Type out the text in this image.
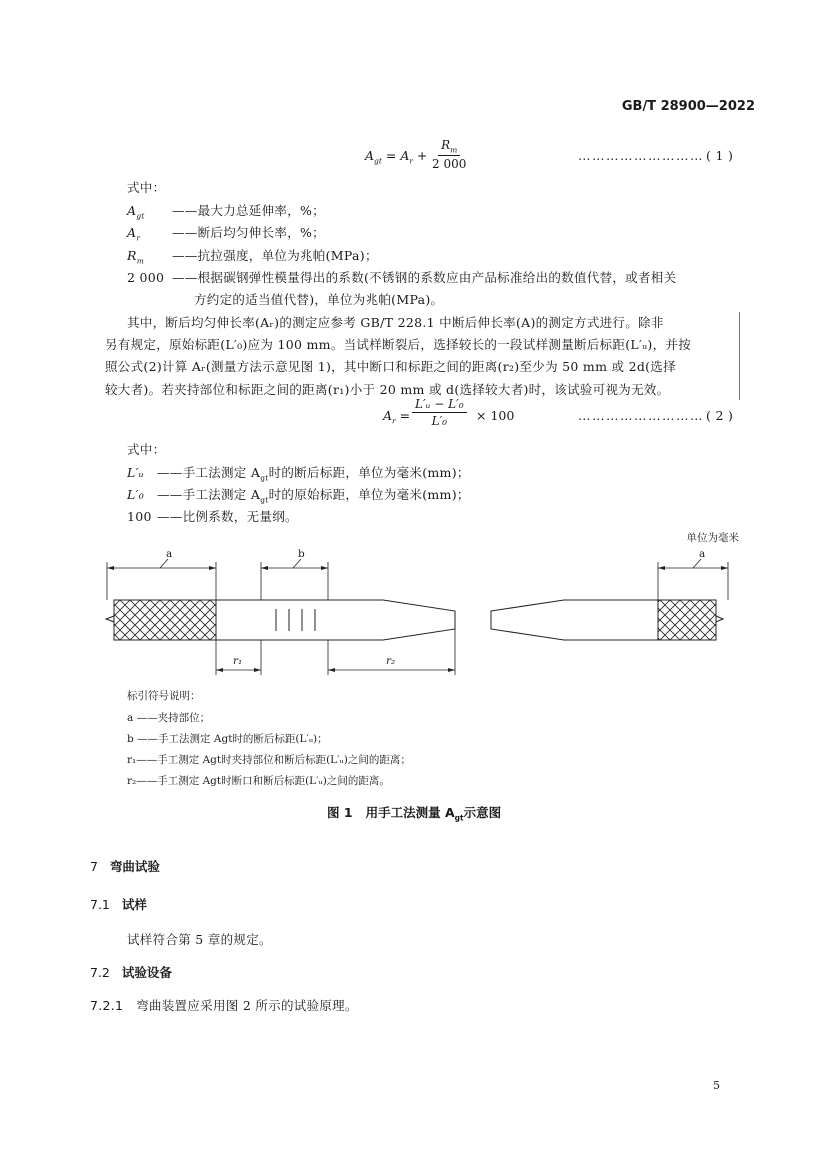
GB/T 28900—2022
$A_{gt} = A_r + \frac{R_m}{2 000}$	……………………… ( 1 )
式中：
$A_{gt}$ ——最大力总延伸率，%；
$A_r$	——断后均匀伸长率，%；
$R_m$ ——抗拉强度，单位为兆帕(MPa)；
2 000 ——根据碳钢弹性模量得出的系数(不锈钢的系数应由产品标准给出的数值代替，或者相关
方约定的适当值代替)，单位为兆帕(MPa)。
其中，断后均匀伸长率(Aᵣ)的测定应参考 GB/T 228.1 中断后伸长率(A)的测定方式进行。除非
另有规定，原始标距(L′₀)应为 100 mm。当试样断裂后，选择较长的一段试样测量断后标距(L′ᵤ)，并按
照公式(2)计算 Aᵣ(测量方法示意见图 1)，其中断口和标距之间的距离(r₂)至少为 50 mm 或 2d(选择
较大者)。若夹持部位和标距之间的距离(r₁)小于 20 mm 或 d(选择较大者)时，该试验可视为无效。
$A_r = \frac{\text{L′ᵤ − L′₀}}{\text{L′₀}} \times 100$	……………………… ( 2 )
式中：
L′ᵤ ——手工法测定 $A_{gt}$时的断后标距，单位为毫米(mm)；
L′₀ ——手工法测定 $A_{gt}$时的原始标距，单位为毫米(mm)；
100 ——比例系数，无量纲。
单位为毫米
a	b	a
r₁	r₂
标引符号说明：
a ——夹持部位；
b ——手工法测定 Agt时的断后标距(L′ᵤ)；
r₁——手工测定 Agt时夹持部位和断后标距(L′ᵤ)之间的距离；
r₂——手工测定 Agt时断口和断后标距(L′ᵤ)之间的距离。
图 1 用手工法测量 $A_{gt}$示意图
7 弯曲试验
7.1 试样
试样符合第 5 章的规定。
7.2 试验设备
7.2.1 弯曲装置应采用图 2 所示的试验原理。
5
